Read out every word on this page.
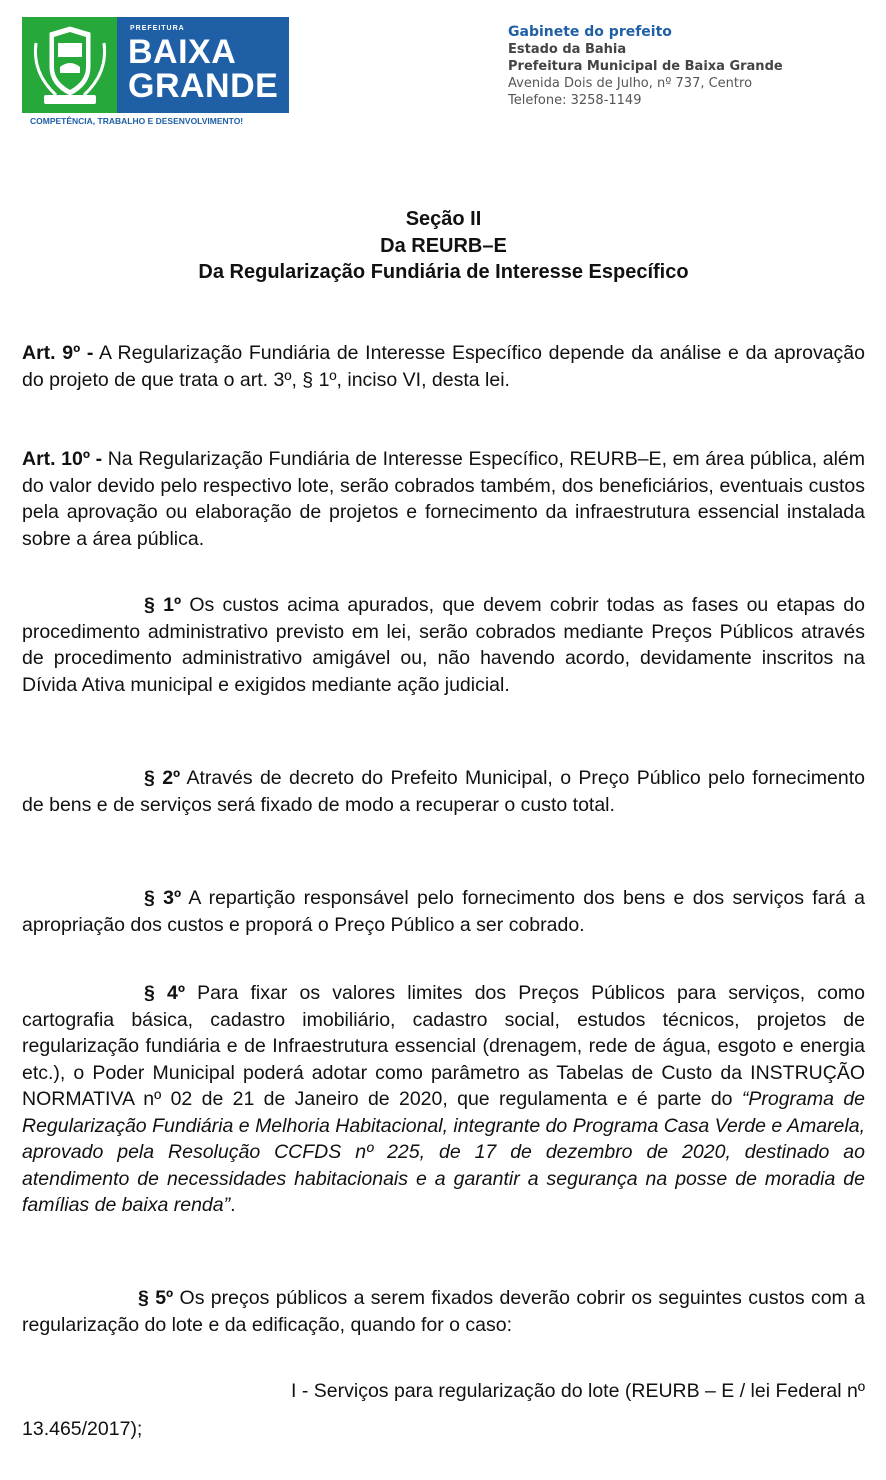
PREFEITURA
BAIXA
GRANDE
COMPETÊNCIA, TRABALHO E DESENVOLVIMENTO!
Gabinete do prefeito
Estado da Bahia
Prefeitura Municipal de Baixa Grande
Avenida Dois de Julho, nº 737, Centro
Telefone: 3258-1149
Seção II
Da REURB–E
Da Regularização Fundiária de Interesse Específico
Art. 9º - A Regularização Fundiária de Interesse Específico depende da análise e da aprovação do projeto de que trata o art. 3º, § 1º, inciso VI, desta lei.
Art. 10º - Na Regularização Fundiária de Interesse Específico, REURB–E, em área pública, além do valor devido pelo respectivo lote, serão cobrados também, dos beneficiários, eventuais custos pela aprovação ou elaboração de projetos e fornecimento da infraestrutura essencial instalada sobre a área pública.
§ 1º Os custos acima apurados, que devem cobrir todas as fases ou etapas do procedimento administrativo previsto em lei, serão cobrados mediante Preços Públicos através de procedimento administrativo amigável ou, não havendo acordo, devidamente inscritos na Dívida Ativa municipal e exigidos mediante ação judicial.
§ 2º Através de decreto do Prefeito Municipal, o Preço Público pelo fornecimento de bens e de serviços será fixado de modo a recuperar o custo total.
§ 3º A repartição responsável pelo fornecimento dos bens e dos serviços fará a apropriação dos custos e proporá o Preço Público a ser cobrado.
§ 4º Para fixar os valores limites dos Preços Públicos para serviços, como cartografia básica, cadastro imobiliário, cadastro social, estudos técnicos, projetos de regularização fundiária e de Infraestrutura essencial (drenagem, rede de água, esgoto e energia etc.), o Poder Municipal poderá adotar como parâmetro as Tabelas de Custo da INSTRUÇÃO NORMATIVA nº 02 de 21 de Janeiro de 2020, que regulamenta e é parte do “Programa de Regularização Fundiária e Melhoria Habitacional, integrante do Programa Casa Verde e Amarela, aprovado pela Resolução CCFDS nº 225, de 17 de dezembro de 2020, destinado ao atendimento de necessidades habitacionais e a garantir a segurança na posse de moradia de famílias de baixa renda”.
§ 5º Os preços públicos a serem fixados deverão cobrir os seguintes custos com a regularização do lote e da edificação, quando for o caso:
I - Serviços para regularização do lote (REURB – E / lei Federal nº
13.465/2017);
